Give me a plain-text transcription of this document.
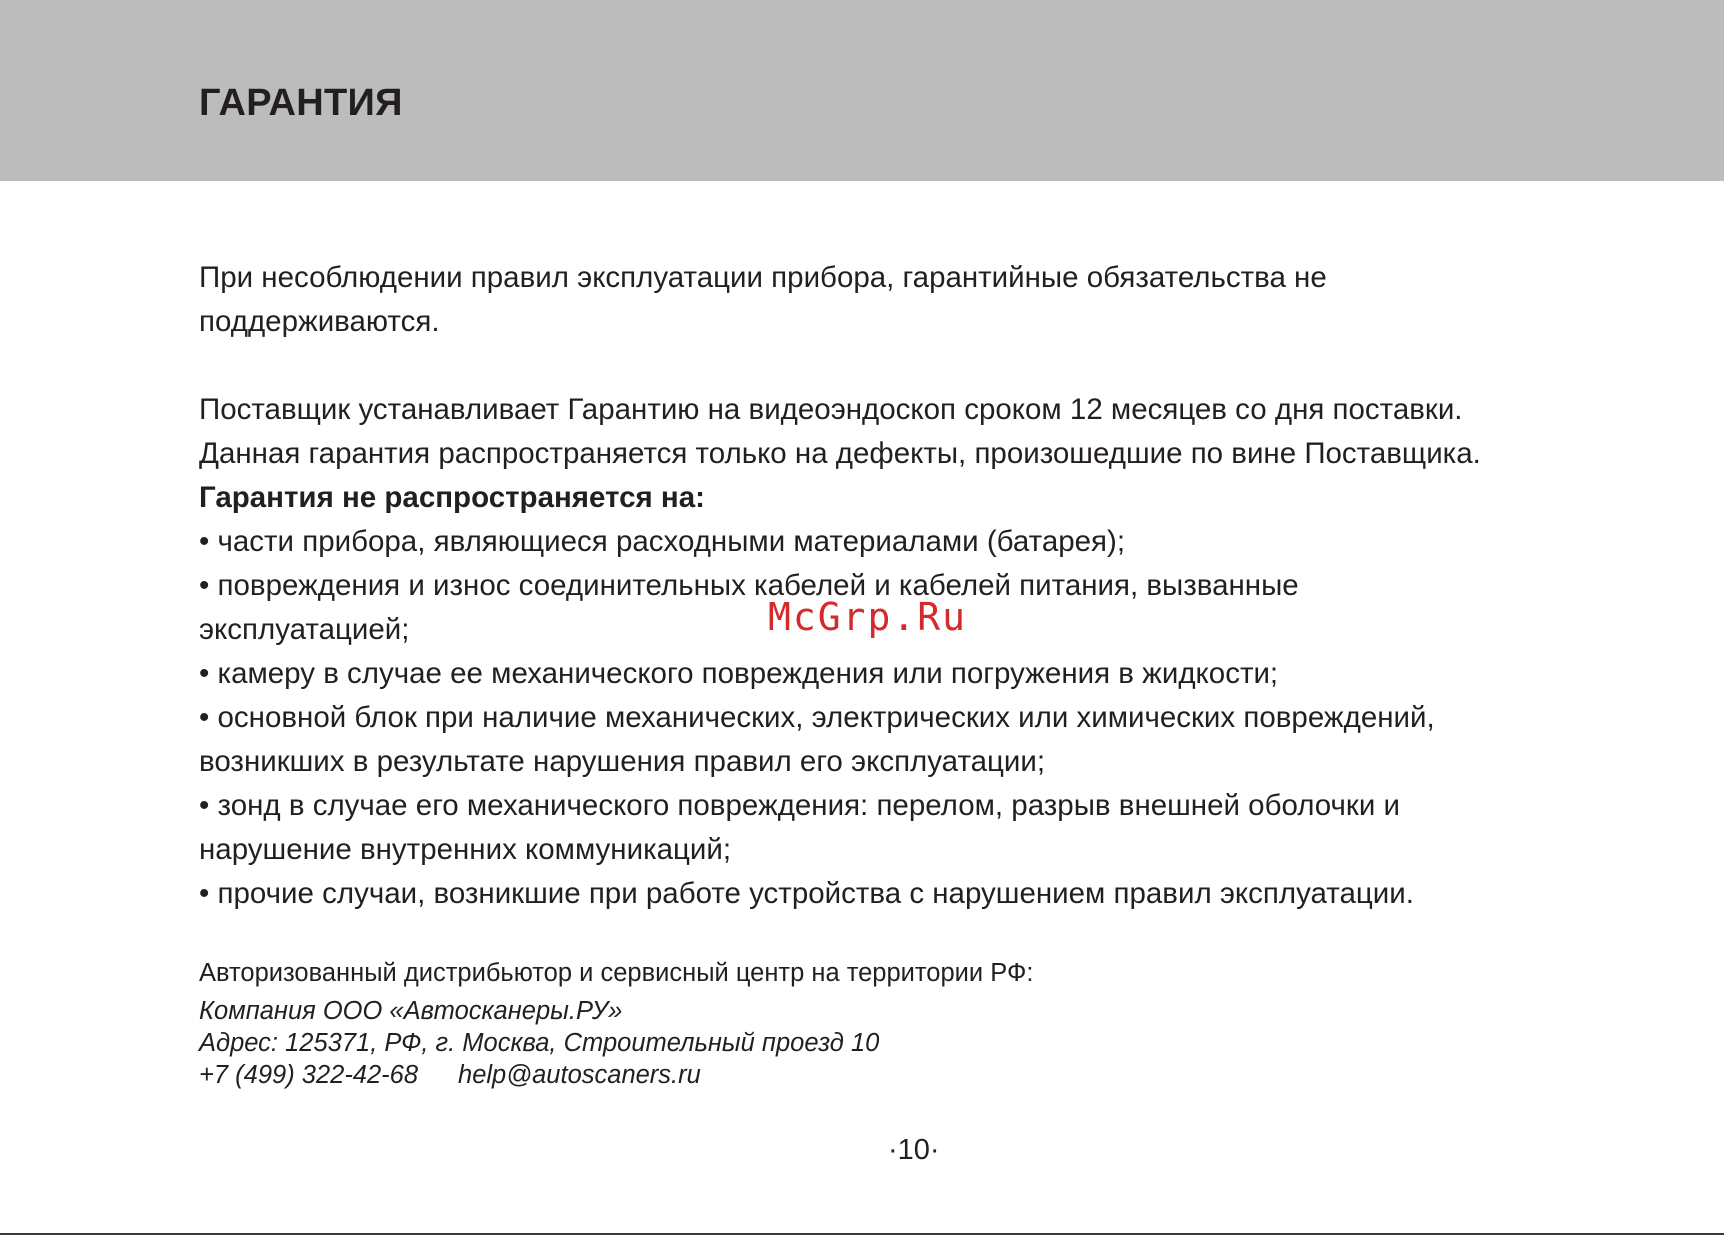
ГАРАНТИЯ

При несоблюдении правил эксплуатации прибора, гарантийные обязательства не

поддерживаются.

Поставщик устанавливает Гарантию на видеоэндоскоп сроком 12 месяцев со дня поставки.

Данная гарантия распространяется только на дефекты, произошедшие по вине Поставщика.

Гарантия не распространяется на:

• части прибора, являющиеся расходными материалами (батарея);

• повреждения и износ соединительных кабелей и кабелей питания, вызванные

эксплуатацией;

• камеру в случае ее механического повреждения или погружения в жидкости;

• основной блок при наличие механических, электрических или химических повреждений,

возникших в результате нарушения правил его эксплуатации;

• зонд в случае его механического повреждения: перелом, разрыв внешней оболочки и

нарушение внутренних коммуникаций;

• прочие случаи, возникшие при работе устройства с нарушением правил эксплуатации.

McGrp.Ru
Авторизованный дистрибьютор и сервисный центр на территории РФ:
Компания ООО «Автосканеры.РУ»
Адрес: 125371, РФ, г. Москва, Строительный проезд 10
+7 (499) 322-42-68 help@autoscaners.ru
·10·
